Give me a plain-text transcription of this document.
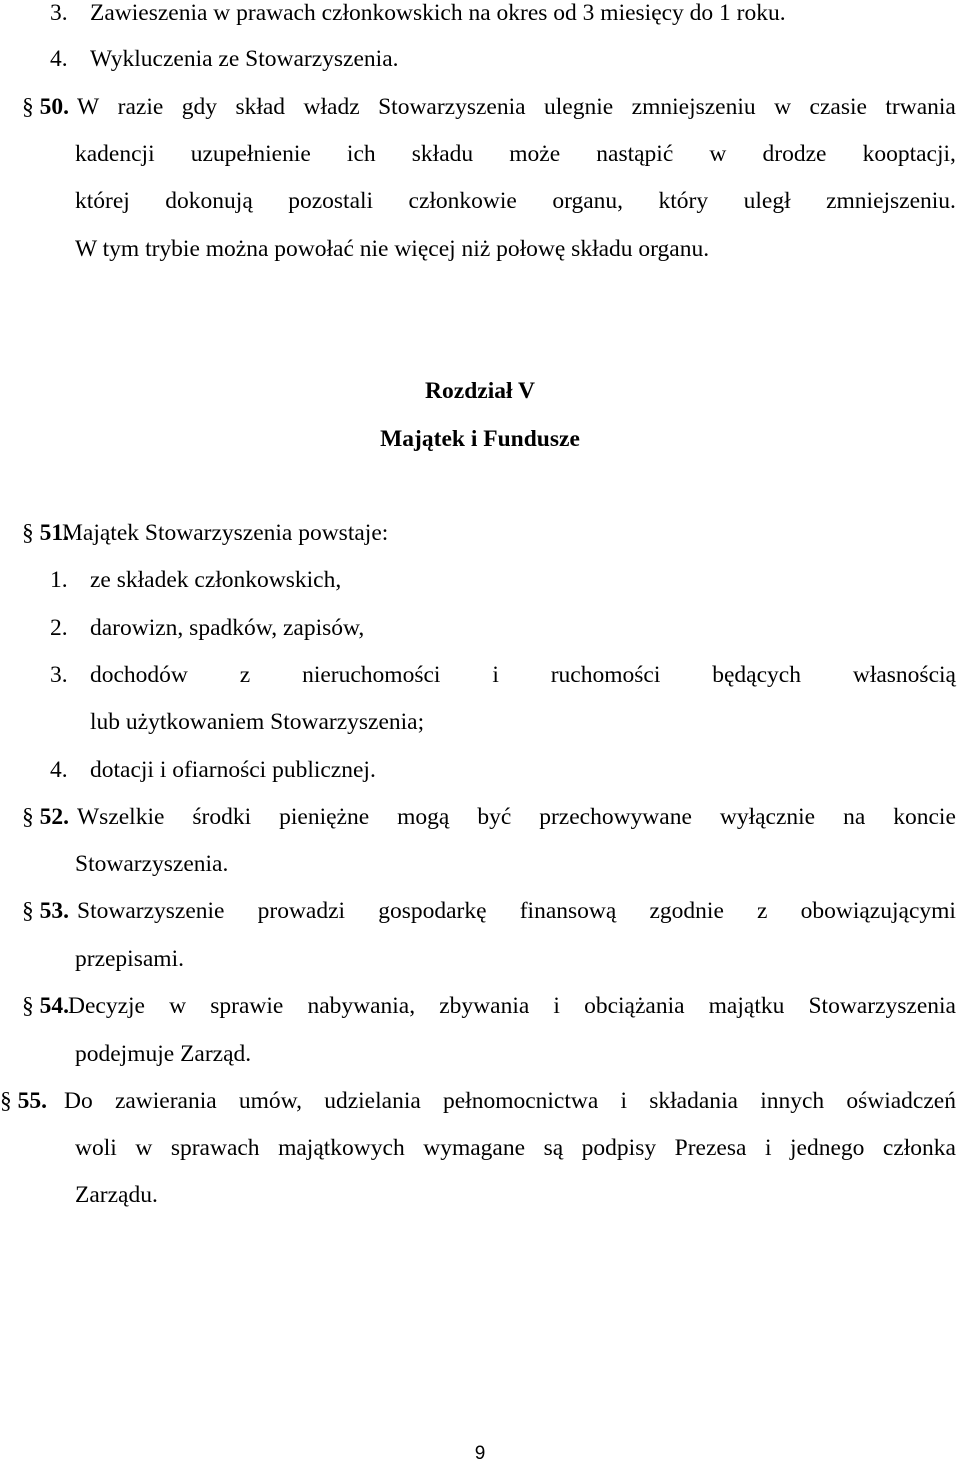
3. Zawieszenia w prawach członkowskich na okres od 3 miesięcy do 1 roku.
4. Wykluczenia ze Stowarzyszenia.
§ 50. W razie gdy skład władz Stowarzyszenia ulegnie zmniejszeniu w czasie trwania
kadencji uzupełnienie ich składu może nastąpić w drodze kooptacji,
której dokonują pozostali członkowie organu, który uległ zmniejszeniu.
W tym trybie można powołać nie więcej niż połowę składu organu.
Rozdział V
Majątek i Fundusze
§ 51.
Majątek Stowarzyszenia powstaje:
1. ze składek członkowskich,
2. darowizn, spadków, zapisów,
3. dochodów z nieruchomości i ruchomości będących własnością
lub użytkowaniem Stowarzyszenia;
4. dotacji i ofiarności publicznej.
§ 52. Wszelkie środki pieniężne mogą być przechowywane wyłącznie na koncie
Stowarzyszenia.
§ 53. Stowarzyszenie prowadzi gospodarkę finansową zgodnie z obowiązującymi
przepisami.
§ 54. Decyzje w sprawie nabywania, zbywania i obciążania majątku Stowarzyszenia
podejmuje Zarząd.
§ 55. Do zawierania umów, udzielania pełnomocnictwa i składania innych oświadczeń
woli w sprawach majątkowych wymagane są podpisy Prezesa i jednego członka
Zarządu.
9
